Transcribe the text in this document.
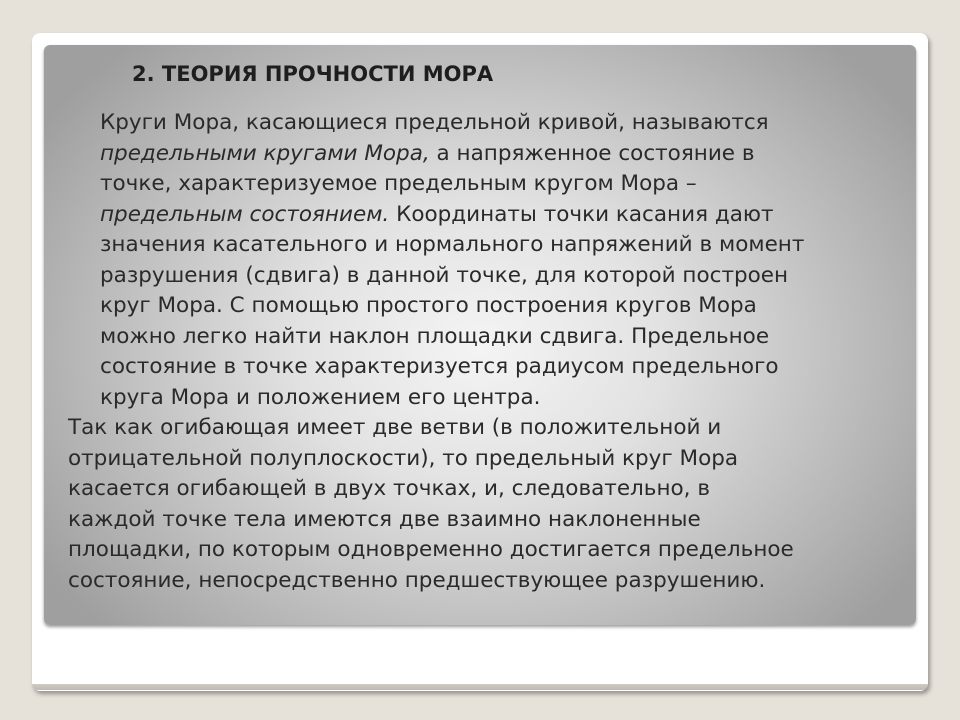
2. ТЕОРИЯ ПРОЧНОСТИ МОРА

Круги Мора, касающиеся предельной кривой, называются
предельными кругами Мора, а напряженное состояние в
точке, характеризуемое предельным кругом Мора –
предельным состоянием. Координаты точки касания дают
значения касательного и нормального напряжений в момент
разрушения (сдвига) в данной точке, для которой построен
круг Мора. С помощью простого построения кругов Мора
можно легко найти наклон площадки сдвига. Предельное
состояние в точке характеризуется радиусом предельного
круга Мора и положением его центра.

Так как огибающая имеет две ветви (в положительной и
отрицательной полуплоскости), то предельный круг Мора
касается огибающей в двух точках, и, следовательно, в
каждой точке тела имеются две взаимно наклоненные
площадки, по которым одновременно достигается предельное
состояние, непосредственно предшествующее разрушению.
